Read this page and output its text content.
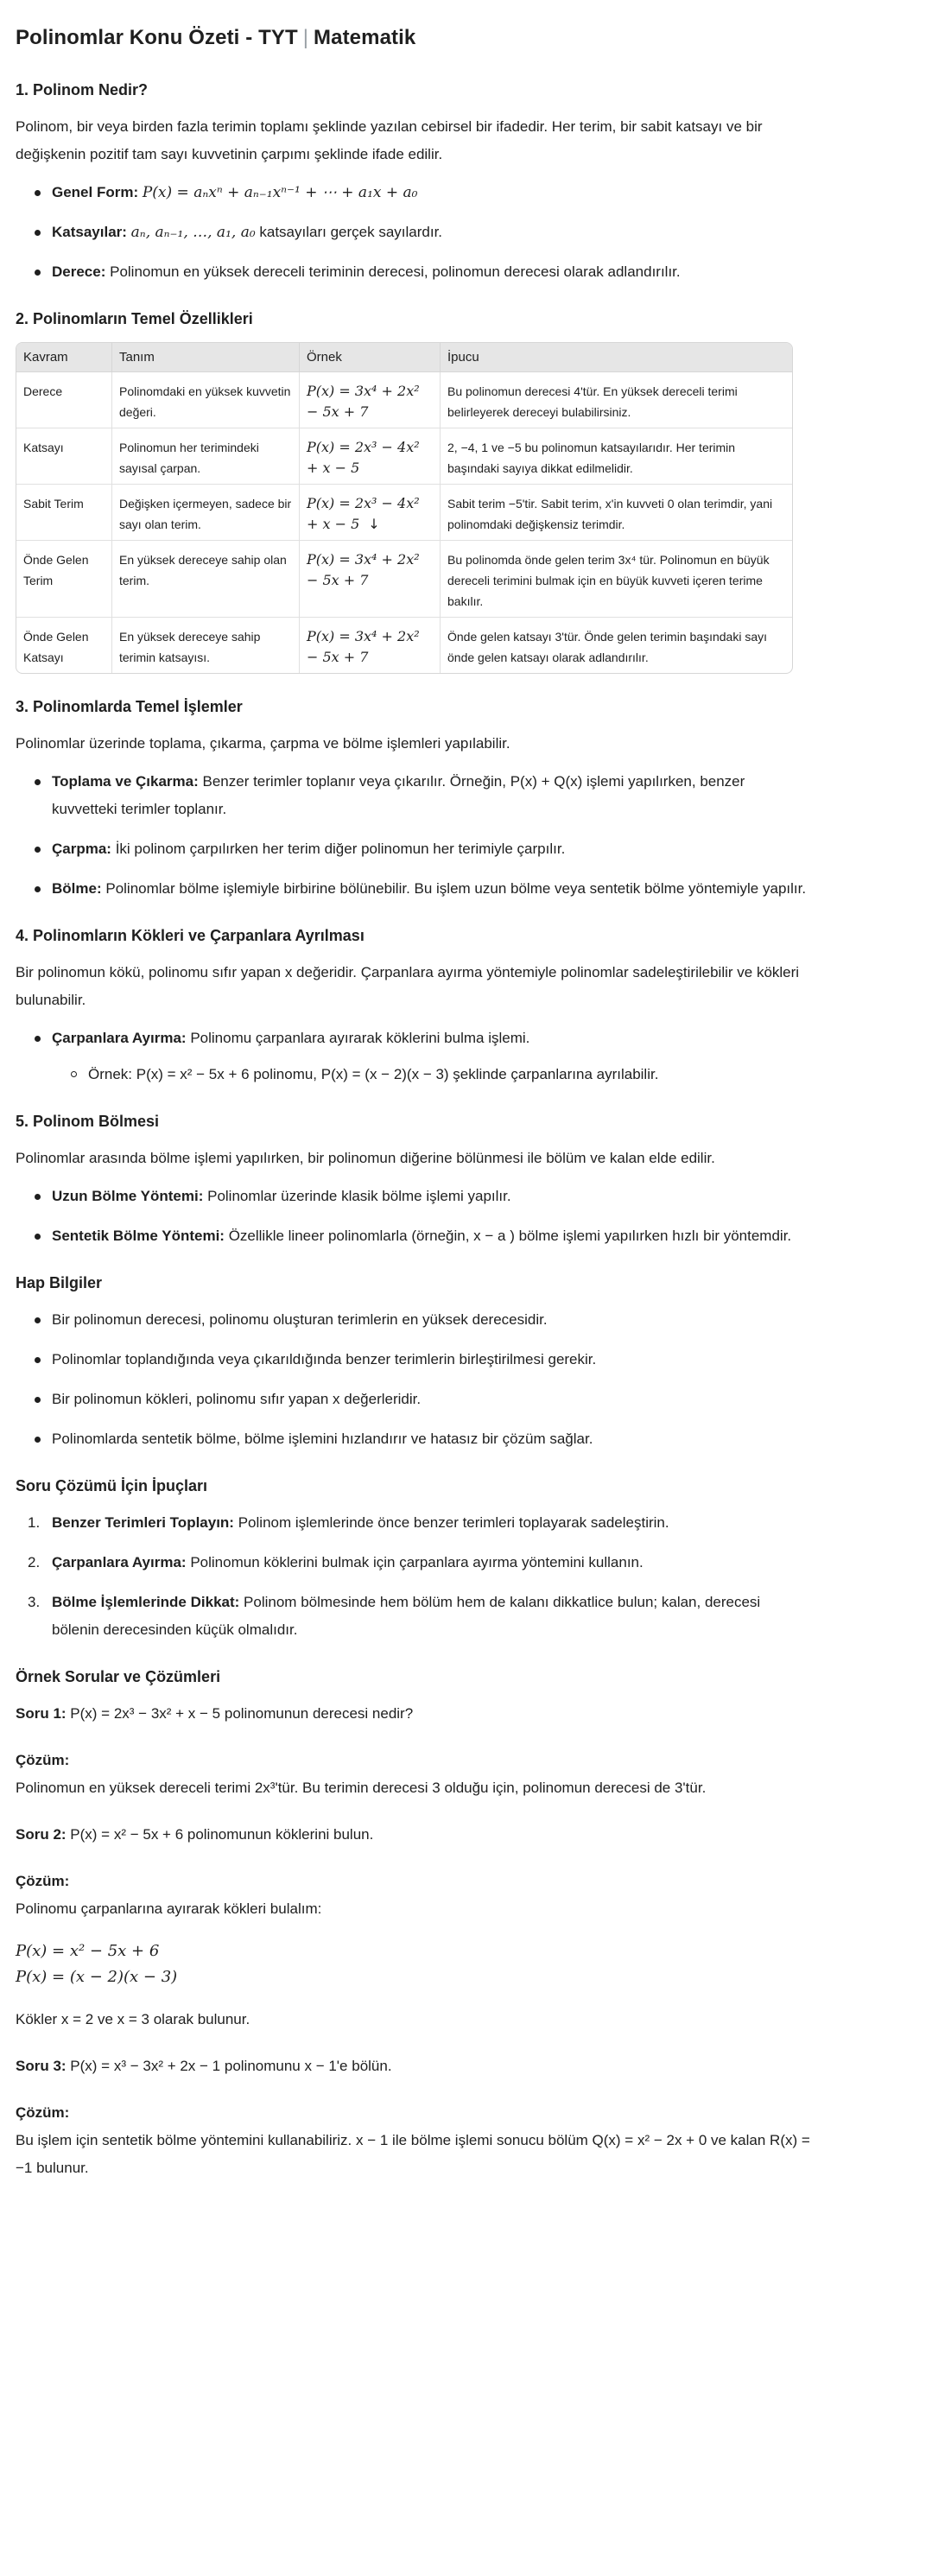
Polinomlar Konu Özeti - TYT | Matematik
1. Polinom Nedir?

Polinom, bir veya birden fazla terimin toplamı şeklinde yazılan cebirsel bir ifadedir. Her terim, bir sabit katsayı ve bir değişkenin pozitif tam sayı kuvvetinin çarpımı şeklinde ifade edilir.

Genel Form: P(x) = aₙxⁿ + aₙ₋₁xⁿ⁻¹ + ⋯ + a₁x + a₀
Katsayılar: aₙ, aₙ₋₁, …, a₁, a₀ katsayıları gerçek sayılardır.
Derece: Polinomun en yüksek dereceli teriminin derecesi, polinomun derecesi olarak adlandırılır.
2. Polinomların Temel Özellikleri
Kavram	Tanım	Örnek	İpucu
Derece	Polinomdaki en yüksek kuvvetin değeri.	P(x) = 3x⁴ + 2x² − 5x + 7	Bu polinomun derecesi 4'tür. En yüksek dereceli terimi belirleyerek dereceyi bulabilirsiniz.
Katsayı	Polinomun her terimindeki sayısal çarpan.	P(x) = 2x³ − 4x² + x − 5	2, −4, 1 ve −5 bu polinomun katsayılarıdır. Her terimin başındaki sayıya dikkat edilmelidir.
Sabit Terim	Değişken içermeyen, sadece bir sayı olan terim.	P(x) = 2x³ − 4x² + x − 5 ↓	Sabit terim −5'tir. Sabit terim, x'in kuvveti 0 olan terimdir, yani polinomdaki değişkensiz terimdir.
Önde Gelen Terim	En yüksek dereceye sahip olan terim.	P(x) = 3x⁴ + 2x² − 5x + 7	Bu polinomda önde gelen terim 3x⁴ tür. Polinomun en büyük dereceli terimini bulmak için en büyük kuvveti içeren terime bakılır.
Önde Gelen Katsayı	En yüksek dereceye sahip terimin katsayısı.	P(x) = 3x⁴ + 2x² − 5x + 7	Önde gelen katsayı 3'tür. Önde gelen terimin başındaki sayı önde gelen katsayı olarak adlandırılır.
3. Polinomlarda Temel İşlemler

Polinomlar üzerinde toplama, çıkarma, çarpma ve bölme işlemleri yapılabilir.

Toplama ve Çıkarma: Benzer terimler toplanır veya çıkarılır. Örneğin, P(x) + Q(x) işlemi yapılırken, benzer kuvvetteki terimler toplanır.
Çarpma: İki polinom çarpılırken her terim diğer polinomun her terimiyle çarpılır.
Bölme: Polinomlar bölme işlemiyle birbirine bölünebilir. Bu işlem uzun bölme veya sentetik bölme yöntemiyle yapılır.
4. Polinomların Kökleri ve Çarpanlara Ayrılması

Bir polinomun kökü, polinomu sıfır yapan x değeridir. Çarpanlara ayırma yöntemiyle polinomlar sadeleştirilebilir ve kökleri bulunabilir.

Çarpanlara Ayırma: Polinomu çarpanlara ayırarak köklerini bulma işlemi.
Örnek: P(x) = x² − 5x + 6 polinomu, P(x) = (x − 2)(x − 3) şeklinde çarpanlarına ayrılabilir.
5. Polinom Bölmesi

Polinomlar arasında bölme işlemi yapılırken, bir polinomun diğerine bölünmesi ile bölüm ve kalan elde edilir.

Uzun Bölme Yöntemi: Polinomlar üzerinde klasik bölme işlemi yapılır.
Sentetik Bölme Yöntemi: Özellikle lineer polinomlarla (örneğin, x − a ) bölme işlemi yapılırken hızlı bir yöntemdir.
Hap Bilgiler
Bir polinomun derecesi, polinomu oluşturan terimlerin en yüksek derecesidir.
Polinomlar toplandığında veya çıkarıldığında benzer terimlerin birleştirilmesi gerekir.
Bir polinomun kökleri, polinomu sıfır yapan x değerleridir.
Polinomlarda sentetik bölme, bölme işlemini hızlandırır ve hatasız bir çözüm sağlar.
Soru Çözümü İçin İpuçları
1. Benzer Terimleri Toplayın: Polinom işlemlerinde önce benzer terimleri toplayarak sadeleştirin.
2. Çarpanlara Ayırma: Polinomun köklerini bulmak için çarpanlara ayırma yöntemini kullanın.
3. Bölme İşlemlerinde Dikkat: Polinom bölmesinde hem bölüm hem de kalanı dikkatlice bulun; kalan, derecesi bölenin derecesinden küçük olmalıdır.
Örnek Sorular ve Çözümleri

Soru 1: P(x) = 2x³ − 3x² + x − 5 polinomunun derecesi nedir?

Çözüm:

Polinomun en yüksek dereceli terimi 2x³'tür. Bu terimin derecesi 3 olduğu için, polinomun derecesi de 3'tür.

Soru 2: P(x) = x² − 5x + 6 polinomunun köklerini bulun.

Çözüm:

Polinomu çarpanlarına ayırarak kökleri bulalım:

P(x) = x² − 5x + 6
P(x) = (x − 2)(x − 3)

Kökler x = 2 ve x = 3 olarak bulunur.

Soru 3: P(x) = x³ − 3x² + 2x − 1 polinomunu x − 1'e bölün.

Çözüm:

Bu işlem için sentetik bölme yöntemini kullanabiliriz. x − 1 ile bölme işlemi sonucu bölüm Q(x) = x² − 2x + 0 ve kalan R(x) = −1 bulunur.
